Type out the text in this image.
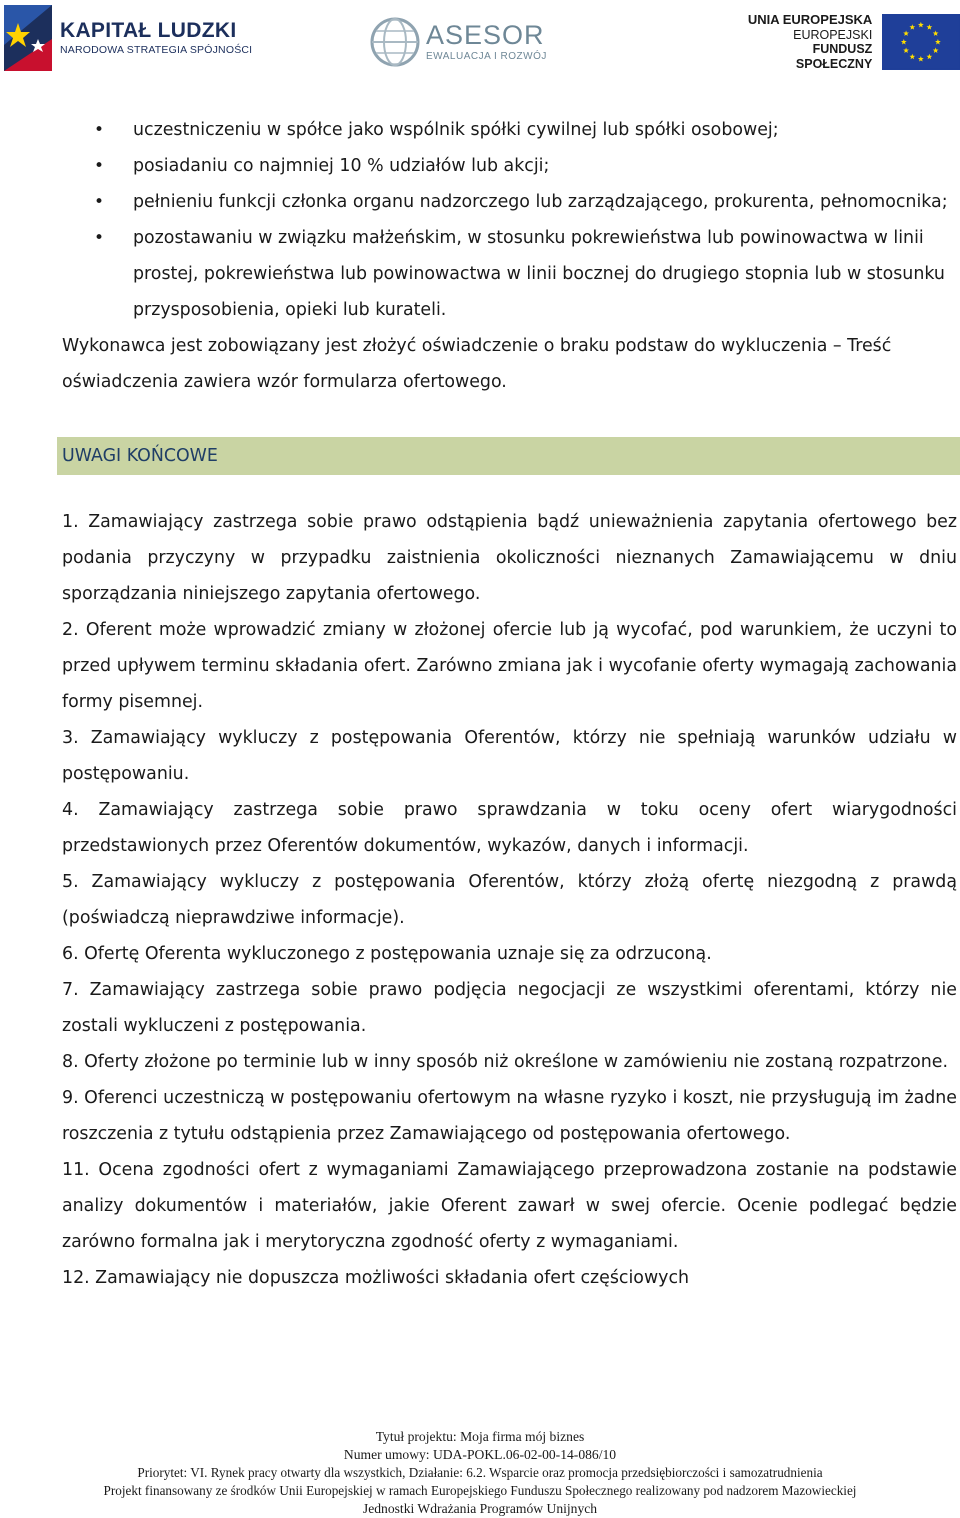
KAPITAŁ LUDZKI
NARODOWA STRATEGIA SPÓJNOŚCI
ASESOR
EWALUACJA I ROZWÓJ
UNIA EUROPEJSKA
EUROPEJSKI
FUNDUSZ SPOŁECZNY
• uczestniczeniu w spółce jako wspólnik spółki cywilnej lub spółki osobowej;
• posiadaniu co najmniej 10 % udziałów lub akcji;
• pełnieniu funkcji członka organu nadzorczego lub zarządzającego, prokurenta, pełnomocnika;
• pozostawaniu w związku małżeńskim, w stosunku pokrewieństwa lub powinowactwa w linii prostej, pokrewieństwa lub powinowactwa w linii bocznej do drugiego stopnia lub w stosunku przysposobienia, opieki lub kurateli.

Wykonawca jest zobowiązany jest złożyć oświadczenie o braku podstaw do wykluczenia – Treść oświadczenia zawiera wzór formularza ofertowego.

UWAGI KOŃCOWE

1. Zamawiający zastrzega sobie prawo odstąpienia bądź unieważnienia zapytania ofertowego bez podania przyczyny w przypadku zaistnienia okoliczności nieznanych Zamawiającemu w dniu sporządzania niniejszego zapytania ofertowego.

2. Oferent może wprowadzić zmiany w złożonej ofercie lub ją wycofać, pod warunkiem, że uczyni to przed upływem terminu składania ofert. Zarówno zmiana jak i wycofanie oferty wymagają zachowania formy pisemnej.

3. Zamawiający wykluczy z postępowania Oferentów, którzy nie spełniają warunków udziału w postępowaniu.

4. Zamawiający zastrzega sobie prawo sprawdzania w toku oceny ofert wiarygodności przedstawionych przez Oferentów dokumentów, wykazów, danych i informacji.

5. Zamawiający wykluczy z postępowania Oferentów, którzy złożą ofertę niezgodną z prawdą (poświadczą nieprawdziwe informacje).

6. Ofertę Oferenta wykluczonego z postępowania uznaje się za odrzuconą.

7. Zamawiający zastrzega sobie prawo podjęcia negocjacji ze wszystkimi oferentami, którzy nie zostali wykluczeni z postępowania.

8. Oferty złożone po terminie lub w inny sposób niż określone w zamówieniu nie zostaną rozpatrzone.

9. Oferenci uczestniczą w postępowaniu ofertowym na własne ryzyko i koszt, nie przysługują im żadne roszczenia z tytułu odstąpienia przez Zamawiającego od postępowania ofertowego.

11. Ocena zgodności ofert z wymaganiami Zamawiającego przeprowadzona zostanie na podstawie analizy dokumentów i materiałów, jakie Oferent zawarł w swej ofercie. Ocenie podlegać będzie zarówno formalna jak i merytoryczna zgodność oferty z wymaganiami.

12. Zamawiający nie dopuszcza możliwości składania ofert częściowych

Tytuł projektu: Moja firma mój biznes
Numer umowy: UDA-POKL.06-02-00-14-086/10
Priorytet: VI. Rynek pracy otwarty dla wszystkich, Działanie: 6.2. Wsparcie oraz promocja przedsiębiorczości i samozatrudnienia
Projekt finansowany ze środków Unii Europejskiej w ramach Europejskiego Funduszu Społecznego realizowany pod nadzorem Mazowieckiej
Jednostki Wdrażania Programów Unijnych
